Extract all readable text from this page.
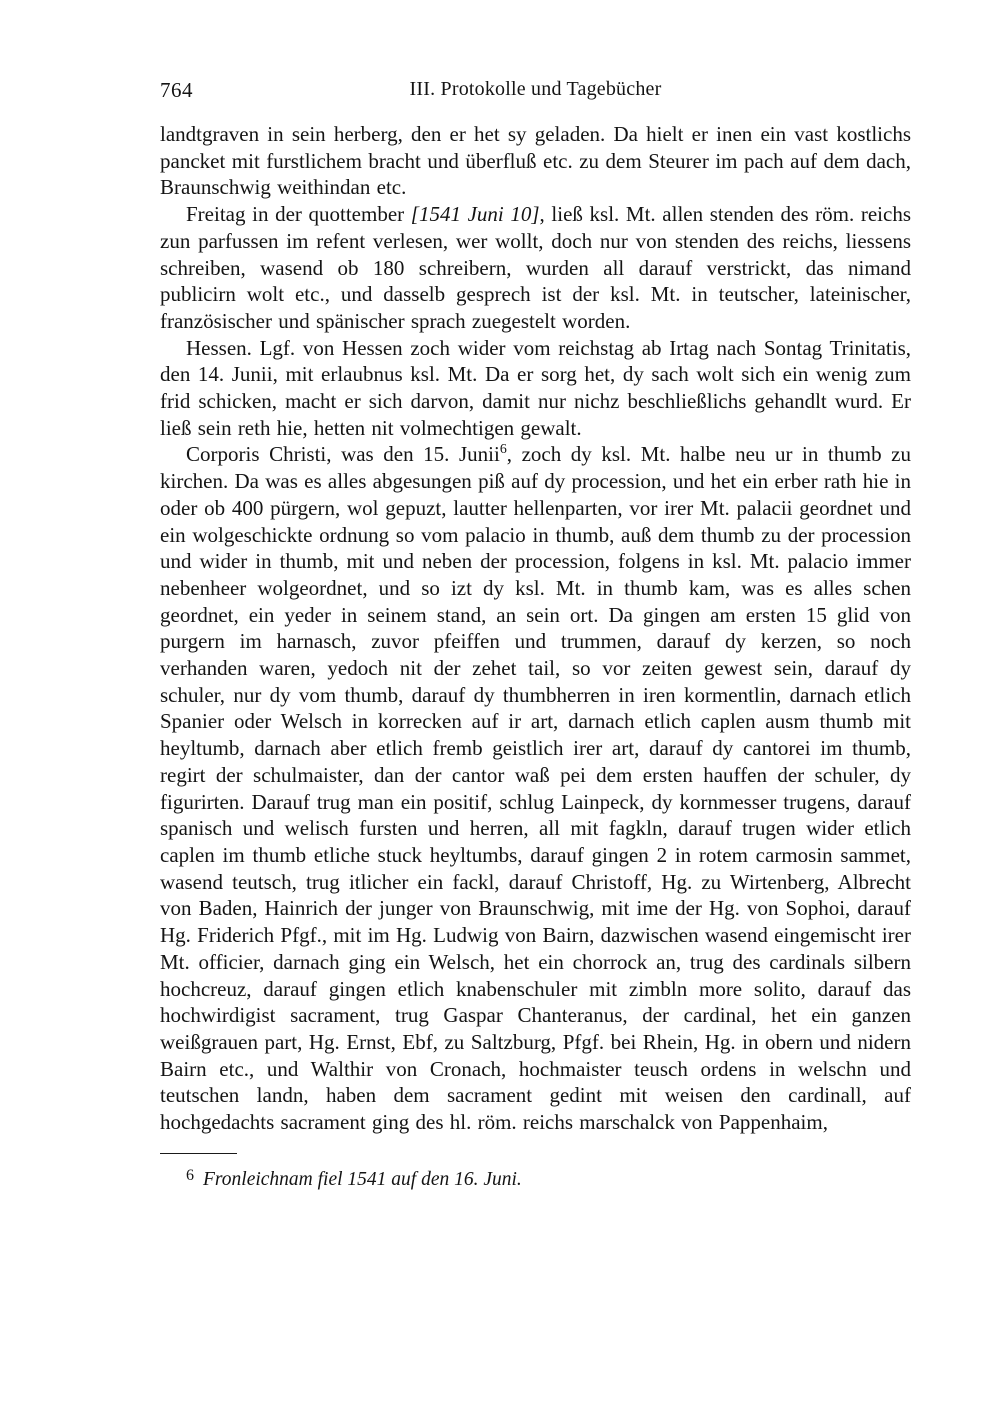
764	III. Protokolle und Tagebücher

landtgraven in sein herberg, den er het sy geladen. Da hielt er inen ein vast kostlichs pancket mit furstlichem bracht und überfluß etc. zu dem Steurer im pach auf dem dach, Braunschwig weithindan etc.

Freitag in der quottember [1541 Juni 10], ließ ksl. Mt. allen stenden des röm. reichs zun parfussen im refent verlesen, wer wollt, doch nur von stenden des reichs, liessens schreiben, wasend ob 180 schreibern, wurden all darauf verstrickt, das nimand publicirn wolt etc., und dasselb gesprech ist der ksl. Mt. in teutscher, lateinischer, französischer und spänischer sprach zuegestelt worden.

Hessen. Lgf. von Hessen zoch wider vom reichstag ab Irtag nach Sontag Trinitatis, den 14. Junii, mit erlaubnus ksl. Mt. Da er sorg het, dy sach wolt sich ein wenig zum frid schicken, macht er sich darvon, damit nur nichz beschließlichs gehandlt wurd. Er ließ sein reth hie, hetten nit volmechtigen gewalt.

Corporis Christi, was den 15. Junii$^6$, zoch dy ksl. Mt. halbe neu ur in thumb zu kirchen. Da was es alles abgesungen piß auf dy procession, und het ein erber rath hie in oder ob 400 pürgern, wol gepuzt, lautter hellenparten, vor irer Mt. palacii geordnet und ein wolgeschickte ordnung so vom palacio in thumb, auß dem thumb zu der procession und wider in thumb, mit und neben der procession, folgens in ksl. Mt. palacio immer nebenheer wolgeordnet, und so izt dy ksl. Mt. in thumb kam, was es alles schen geordnet, ein yeder in seinem stand, an sein ort. Da gingen am ersten 15 glid von purgern im harnasch, zuvor pfeiffen und trummen, darauf dy kerzen, so noch verhanden waren, yedoch nit der zehet tail, so vor zeiten gewest sein, darauf dy schuler, nur dy vom thumb, darauf dy thumbherren in iren kormentlin, darnach etlich Spanier oder Welsch in korrecken auf ir art, darnach etlich caplen ausm thumb mit heyltumb, darnach aber etlich fremb geistlich irer art, darauf dy cantorei im thumb, regirt der schulmaister, dan der cantor waß pei dem ersten hauffen der schuler, dy figurirten. Darauf trug man ein positif, schlug Lainpeck, dy kornmesser trugens, darauf spanisch und welisch fursten und herren, all mit fagkln, darauf trugen wider etlich caplen im thumb etliche stuck heyltumbs, darauf gingen 2 in rotem carmosin sammet, wasend teutsch, trug itlicher ein fackl, darauf Christoff, Hg. zu Wirtenberg, Albrecht von Baden, Hainrich der junger von Braunschwig, mit ime der Hg. von Sophoi, darauf Hg. Friderich Pfgf., mit im Hg. Ludwig von Bairn, dazwischen wasend eingemischt irer Mt. officier, darnach ging ein Welsch, het ein chorrock an, trug des cardinals silbern hochcreuz, darauf gingen etlich knabenschuler mit zimbln more solito, darauf das hochwirdigist sacrament, trug Gaspar Chanteranus, der cardinal, het ein ganzen weißgrauen part, Hg. Ernst, Ebf, zu Saltzburg, Pfgf. bei Rhein, Hg. in obern und nidern Bairn etc., und Walthir von Cronach, hochmaister teusch ordens in welschn und teutschen landn, haben dem sacrament gedint mit weisen den cardinall, auf hochgedachts sacrament ging des hl. röm. reichs marschalck von Pappenhaim,

$^6$ Fronleichnam fiel 1541 auf den 16. Juni.
